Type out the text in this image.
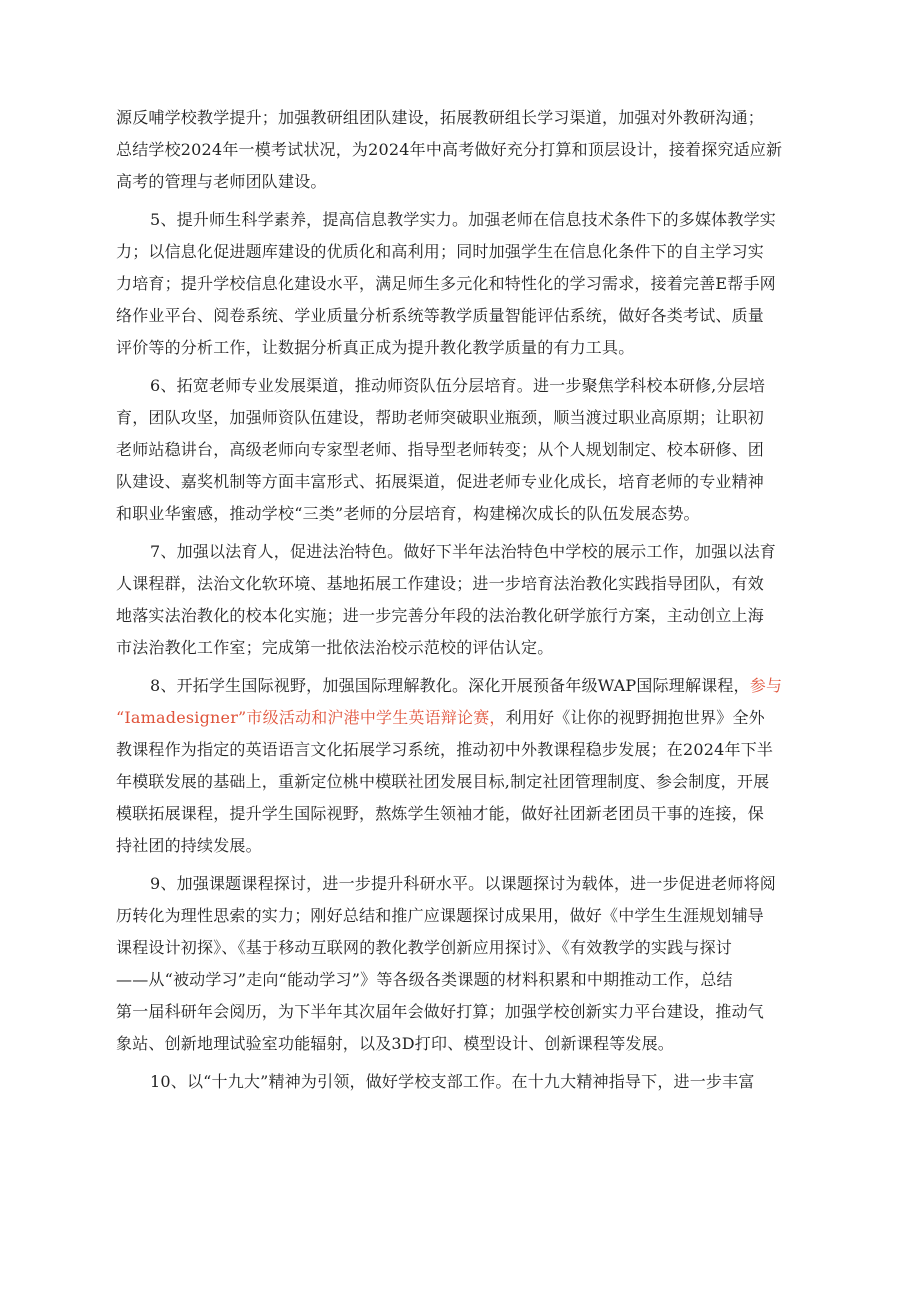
源反哺学校教学提升；加强教研组团队建设，拓展教研组长学习渠道，加强对外教研沟通；
总结学校2024年一模考试状况，为2024年中高考做好充分打算和顶层设计，接着探究适应新
高考的管理与老师团队建设。
5、提升师生科学素养，提高信息教学实力。加强老师在信息技术条件下的多媒体教学实
力；以信息化促进题库建设的优质化和高利用；同时加强学生在信息化条件下的自主学习实
力培育；提升学校信息化建设水平，满足师生多元化和特性化的学习需求，接着完善E帮手网
络作业平台、阅卷系统、学业质量分析系统等教学质量智能评估系统，做好各类考试、质量
评价等的分析工作，让数据分析真正成为提升教化教学质量的有力工具。
6、拓宽老师专业发展渠道，推动师资队伍分层培育。进一步聚焦学科校本研修,分层培
育，团队攻坚，加强师资队伍建设，帮助老师突破职业瓶颈，顺当渡过职业高原期；让职初
老师站稳讲台，高级老师向专家型老师、指导型老师转变；从个人规划制定、校本研修、团
队建设、嘉奖机制等方面丰富形式、拓展渠道，促进老师专业化成长，培育老师的专业精神
和职业华蜜感，推动学校“三类”老师的分层培育，构建梯次成长的队伍发展态势。
7、加强以法育人，促进法治特色。做好下半年法治特色中学校的展示工作，加强以法育
人课程群，法治文化软环境、基地拓展工作建设；进一步培育法治教化实践指导团队，有效
地落实法治教化的校本化实施；进一步完善分年段的法治教化研学旅行方案，主动创立上海
市法治教化工作室；完成第一批依法治校示范校的评估认定。
8、开拓学生国际视野，加强国际理解教化。深化开展预备年级WAP国际理解课程，参与
“Iamadesigner”市级活动和沪港中学生英语辩论赛，利用好《让你的视野拥抱世界》全外
教课程作为指定的英语语言文化拓展学习系统，推动初中外教课程稳步发展；在2024年下半
年模联发展的基础上，重新定位桃中模联社团发展目标,制定社团管理制度、参会制度，开展
模联拓展课程，提升学生国际视野，熬炼学生领袖才能，做好社团新老团员干事的连接，保
持社团的持续发展。
9、加强课题课程探讨，进一步提升科研水平。以课题探讨为载体，进一步促进老师将阅
历转化为理性思索的实力；刚好总结和推广应课题探讨成果用，做好《中学生生涯规划辅导
课程设计初探》、《基于移动互联网的教化教学创新应用探讨》、《有效教学的实践与探讨
——从“被动学习”走向“能动学习”》等各级各类课题的材料积累和中期推动工作，总结
第一届科研年会阅历，为下半年其次届年会做好打算；加强学校创新实力平台建设，推动气
象站、创新地理试验室功能辐射，以及3D打印、模型设计、创新课程等发展。
10、以“十九大”精神为引领，做好学校支部工作。在十九大精神指导下，进一步丰富
